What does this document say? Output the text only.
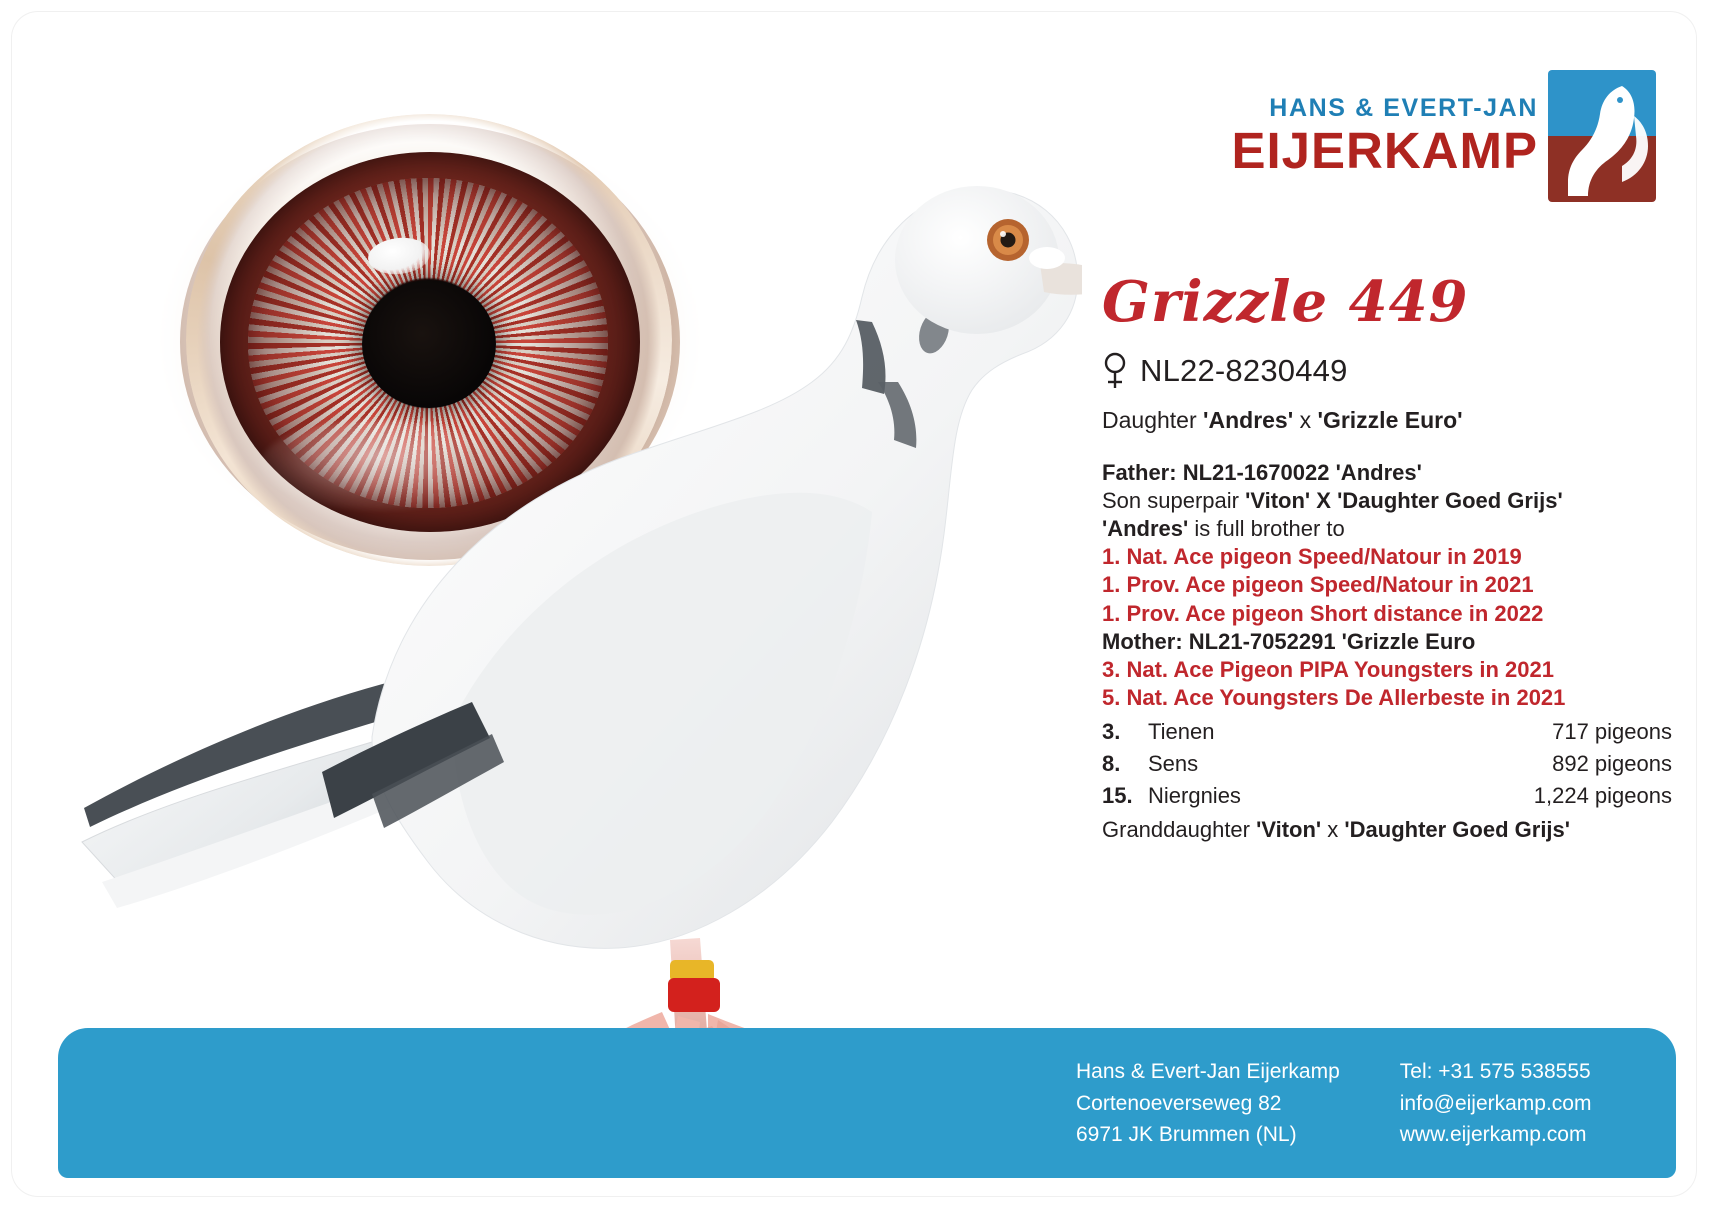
HANS & EVERT-JAN
EIJERKAMP
Grizzle 449
NL22-8230449
Daughter 'Andres' x 'Grizzle Euro'

Father: NL21-1670022 'Andres'

Son superpair 'Viton' X 'Daughter Goed Grijs'

'Andres' is full brother to

1. Nat. Ace pigeon Speed/Natour in 2019

1. Prov. Ace pigeon Speed/Natour in 2021

1. Prov. Ace pigeon Short distance in 2022

Mother: NL21-7052291 'Grizzle Euro

3. Nat. Ace Pigeon PIPA Youngsters in 2021

5. Nat. Ace Youngsters De Allerbeste in 2021

3.	Tienen	717 pigeons
8.	Sens	892 pigeons
15. Niergnies	1,224 pigeons
Granddaughter 'Viton' x 'Daughter Goed Grijs'
Hans & Evert-Jan Eijerkamp
Cortenoeverseweg 82
6971 JK Brummen (NL)
Tel: +31 575 538555
info@eijerkamp.com
www.eijerkamp.com
